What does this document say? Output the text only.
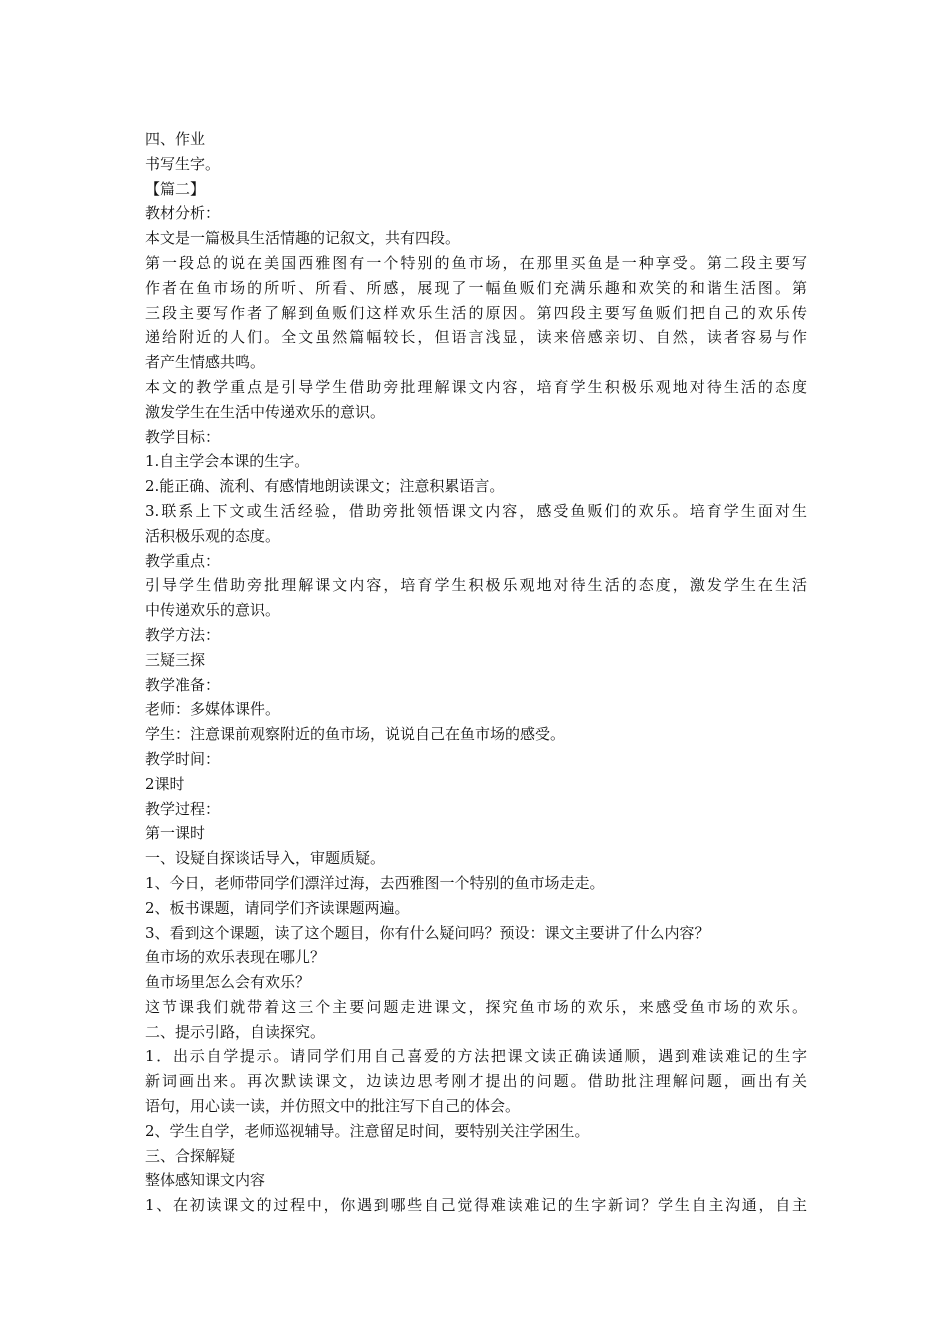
四、作业
书写生字。
【篇二】
教材分析：
本文是一篇极具生活情趣的记叙文，共有四段。
第一段总的说在美国西雅图有一个特别的鱼市场，在那里买鱼是一种享受。第二段主要写
作者在鱼市场的所听、所看、所感，展现了一幅鱼贩们充满乐趣和欢笑的和谐生活图。第
三段主要写作者了解到鱼贩们这样欢乐生活的原因。第四段主要写鱼贩们把自己的欢乐传
递给附近的人们。全文虽然篇幅较长，但语言浅显，读来倍感亲切、自然，读者容易与作
者产生情感共鸣。
本文的教学重点是引导学生借助旁批理解课文内容，培育学生积极乐观地对待生活的态度
激发学生在生活中传递欢乐的意识。
教学目标：
1.自主学会本课的生字。
2.能正确、流利、有感情地朗读课文；注意积累语言。
3.联系上下文或生活经验，借助旁批领悟课文内容，感受鱼贩们的欢乐。培育学生面对生
活积极乐观的态度。
教学重点：
引导学生借助旁批理解课文内容，培育学生积极乐观地对待生活的态度，激发学生在生活
中传递欢乐的意识。
教学方法：
三疑三探
教学准备：
老师：多媒体课件。
学生：注意课前观察附近的鱼市场，说说自己在鱼市场的感受。
教学时间：
2课时
教学过程：
第一课时
一、设疑自探谈话导入，审题质疑。
1、今日，老师带同学们漂洋过海，去西雅图一个特别的鱼市场走走。
2、板书课题，请同学们齐读课题两遍。
3、看到这个课题，读了这个题目，你有什么疑问吗？预设：课文主要讲了什么内容？
鱼市场的欢乐表现在哪儿？
鱼市场里怎么会有欢乐？
这节课我们就带着这三个主要问题走进课文，探究鱼市场的欢乐，来感受鱼市场的欢乐。
二、提示引路，自读探究。
1．出示自学提示。请同学们用自己喜爱的方法把课文读正确读通顺，遇到难读难记的生字
新词画出来。再次默读课文，边读边思考刚才提出的问题。借助批注理解问题，画出有关
语句，用心读一读，并仿照文中的批注写下自己的体会。
2、学生自学，老师巡视辅导。注意留足时间，要特别关注学困生。
三、合探解疑
整体感知课文内容
1、在初读课文的过程中，你遇到哪些自己觉得难读难记的生字新词？学生自主沟通，自主
